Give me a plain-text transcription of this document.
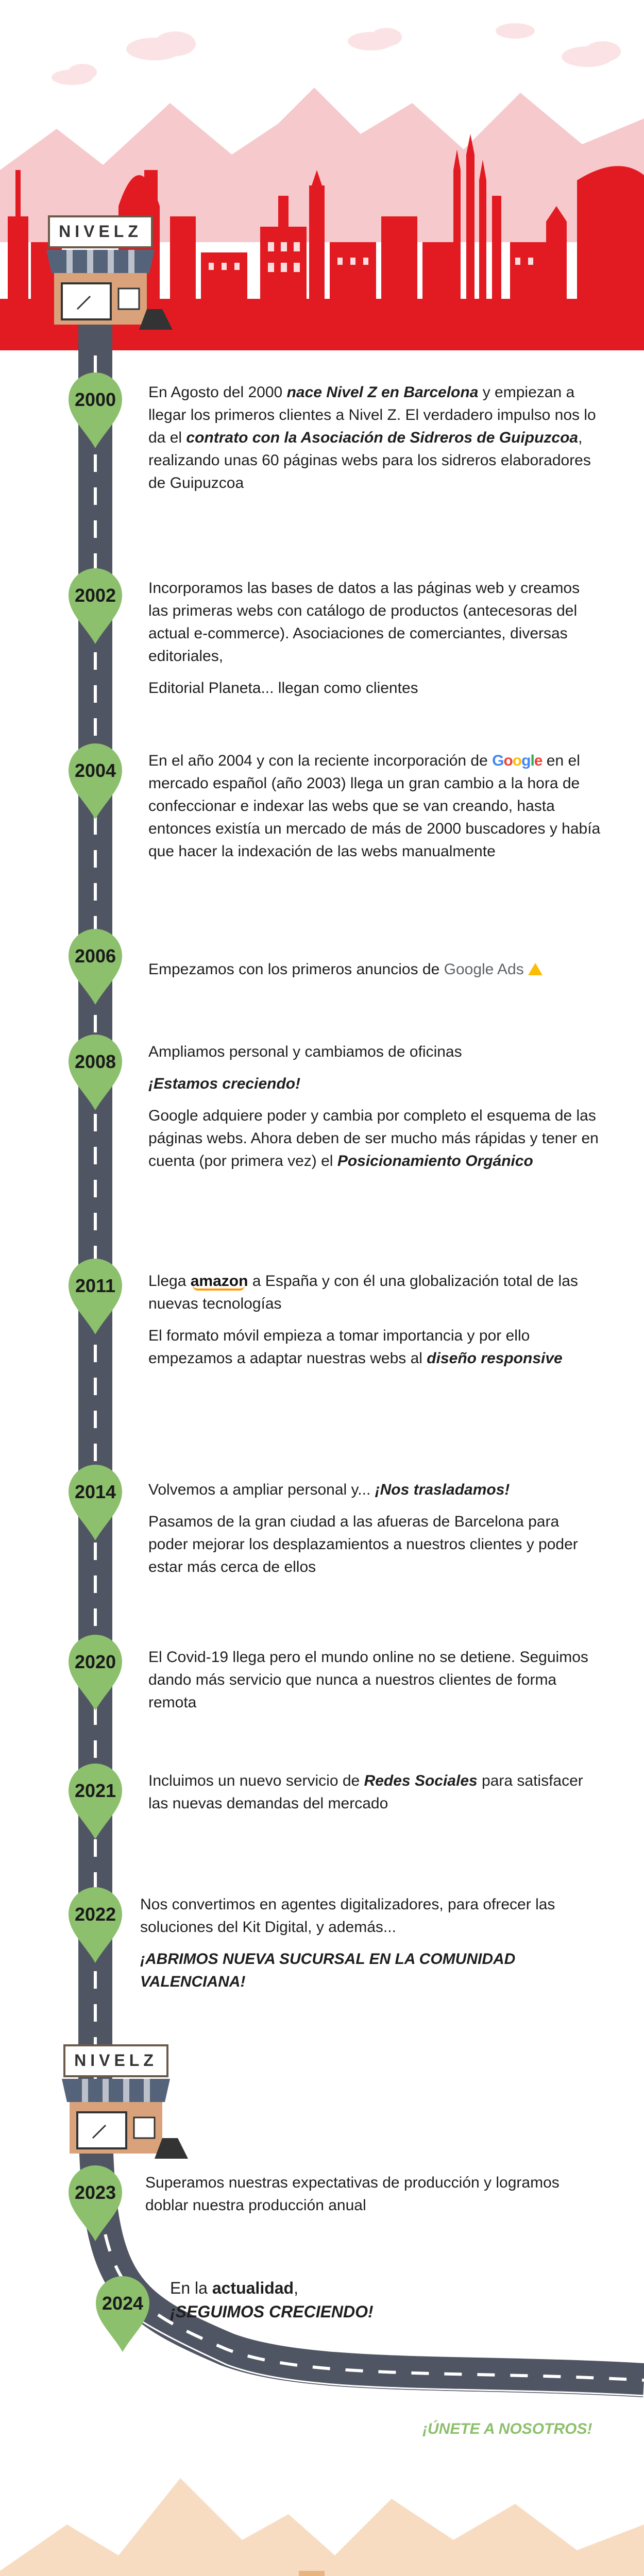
NIVELZ
NIVELZ
2000
2002
2004
2006
2008
2011
2014
2020
2021
2022
2023
2024

En Agosto del 2000 nace Nivel Z en Barcelona y empiezan a llegar los primeros clientes a Nivel Z. El verdadero impulso nos lo da el contrato con la Asociación de Sidreros de Guipuzcoa, realizando unas 60 páginas webs para los sidreros elaboradores de Guipuzcoa

Incorporamos las bases de datos a las páginas web y creamos las primeras webs con catálogo de productos (antecesoras del actual e-commerce). Asociaciones de comerciantes, diversas editoriales,

Editorial Planeta... llegan como clientes

En el año 2004 y con la reciente incorporación de Google en el mercado español (año 2003) llega un gran cambio a la hora de confeccionar e indexar las webs que se van creando, hasta entonces existía un mercado de más de 2000 buscadores y había que hacer la indexación de las webs manualmente

Empezamos con los primeros anuncios de Google Ads

Ampliamos personal y cambiamos de oficinas

¡Estamos creciendo!

Google adquiere poder y cambia por completo el esquema de las páginas webs. Ahora deben de ser mucho más rápidas y tener en cuenta (por primera vez) el Posicionamiento Orgánico

Llega amazon a España y con él una globalización total de las nuevas tecnologías

El formato móvil empieza a tomar importancia y por ello empezamos a adaptar nuestras webs al diseño responsive

Volvemos a ampliar personal y... ¡Nos trasladamos!

Pasamos de la gran ciudad a las afueras de Barcelona para poder mejorar los desplazamientos a nuestros clientes y poder estar más cerca de ellos

El Covid-19 llega pero el mundo online no se detiene. Seguimos dando más servicio que nunca a nuestros clientes de forma remota

Incluimos un nuevo servicio de Redes Sociales para satisfacer las nuevas demandas del mercado

Nos convertimos en agentes digitalizadores, para ofrecer las soluciones del Kit Digital, y además...

¡ABRIMOS NUEVA SUCURSAL EN LA COMUNIDAD VALENCIANA!

Superamos nuestras expectativas de producción y logramos doblar nuestra producción anual

En la actualidad,
¡SEGUIMOS CRECIENDO!
¡ÚNETE A NOSOTROS!
